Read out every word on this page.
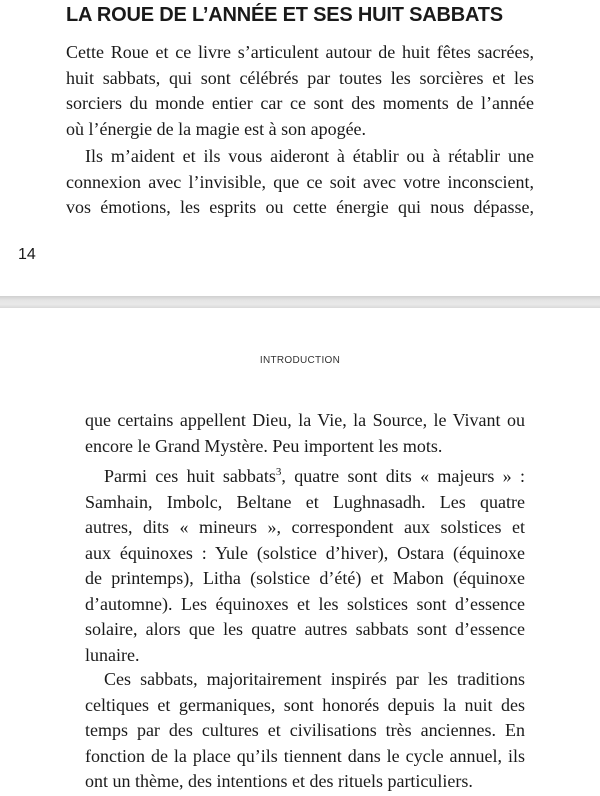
LA ROUE DE L’ANNÉE ET SES HUIT SABBATS
Cette Roue et ce livre s’articulent autour de huit fêtes sacrées,
huit sabbats, qui sont célébrés par toutes les sorcières et les
sorciers du monde entier car ce sont des moments de l’année
où l’énergie de la magie est à son apogée.
Ils m’aident et ils vous aideront à établir ou à rétablir une
connexion avec l’invisible, que ce soit avec votre inconscient,
vos émotions, les esprits ou cette énergie qui nous dépasse,
14
INTRODUCTION
que certains appellent Dieu, la Vie, la Source, le Vivant ou
encore le Grand Mystère. Peu importent les mots.
Parmi ces huit sabbats$^3$, quatre sont dits « majeurs » :
Samhain, Imbolc, Beltane et Lughnasadh. Les quatre
autres, dits « mineurs », correspondent aux solstices et
aux équinoxes : Yule (solstice d’hiver), Ostara (équinoxe
de printemps), Litha (solstice d’été) et Mabon (équinoxe
d’automne). Les équinoxes et les solstices sont d’essence
solaire, alors que les quatre autres sabbats sont d’essence
lunaire.
Ces sabbats, majoritairement inspirés par les traditions
celtiques et germaniques, sont honorés depuis la nuit des
temps par des cultures et civilisations très anciennes. En
fonction de la place qu’ils tiennent dans le cycle annuel, ils
ont un thème, des intentions et des rituels particuliers.
